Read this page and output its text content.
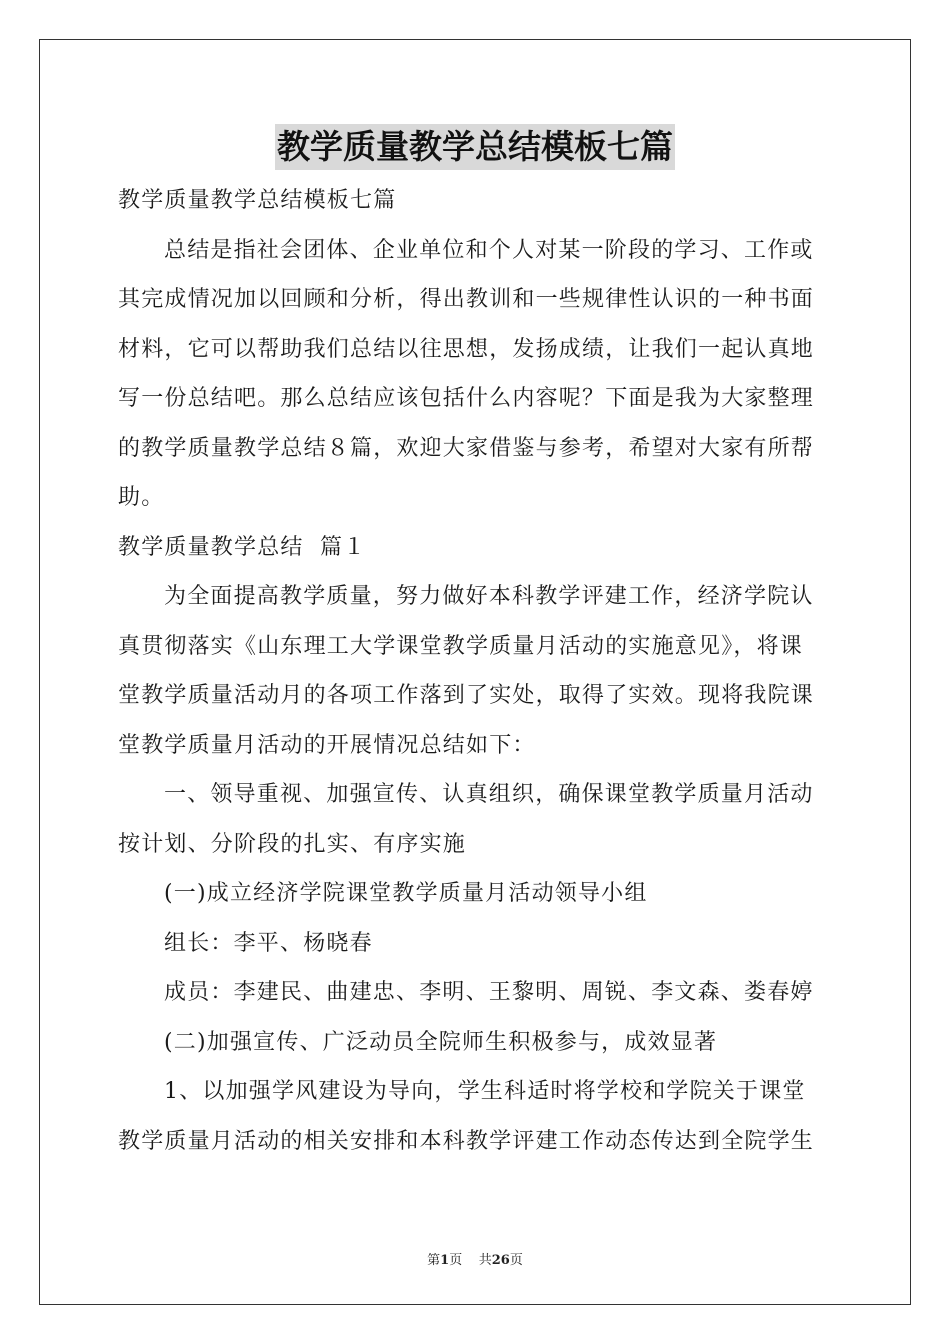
教学质量教学总结模板七篇

教学质量教学总结模板七篇

总结是指社会团体、企业单位和个人对某一阶段的学习、工作或

其完成情况加以回顾和分析，得出教训和一些规律性认识的一种书面

材料，它可以帮助我们总结以往思想，发扬成绩，让我们一起认真地

写一份总结吧。那么总结应该包括什么内容呢？下面是我为大家整理

的教学质量教学总结８篇，欢迎大家借鉴与参考，希望对大家有所帮

助。

教学质量教学总结  篇１

为全面提高教学质量，努力做好本科教学评建工作，经济学院认

真贯彻落实《山东理工大学课堂教学质量月活动的实施意见》，将课

堂教学质量活动月的各项工作落到了实处，取得了实效。现将我院课

堂教学质量月活动的开展情况总结如下：

一、领导重视、加强宣传、认真组织，确保课堂教学质量月活动

按计划、分阶段的扎实、有序实施

(一)成立经济学院课堂教学质量月活动领导小组

组长：李平、杨晓春

成员：李建民、曲建忠、李明、王黎明、周锐、李文森、娄春婷

(二)加强宣传、广泛动员全院师生积极参与，成效显著

1、以加强学风建设为导向，学生科适时将学校和学院关于课堂

教学质量月活动的相关安排和本科教学评建工作动态传达到全院学生

第1页 共26页
